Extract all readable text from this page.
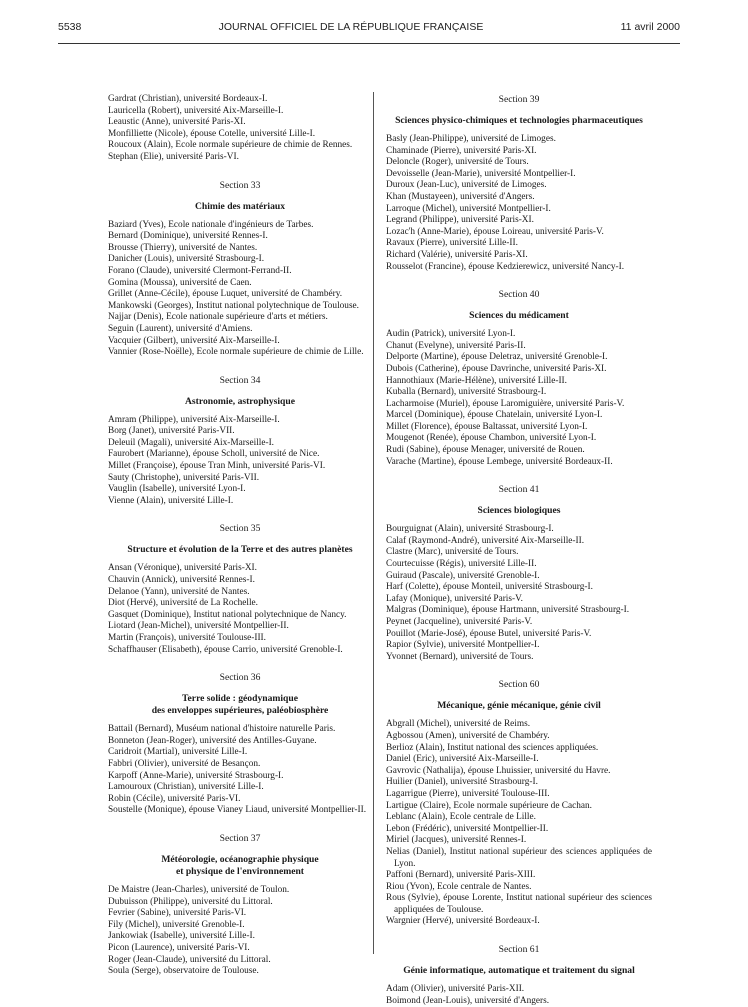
5538	JOURNAL OFFICIEL DE LA RÉPUBLIQUE FRANÇAISE	11 avril 2000
Gardrat (Christian), université Bordeaux-I.
Lauricella (Robert), université Aix-Marseille-I.
Leaustic (Anne), université Paris-XI.
Monfilliette (Nicole), épouse Cotelle, université Lille-I.
Roucoux (Alain), Ecole normale supérieure de chimie de Rennes.
Stephan (Elie), université Paris-VI.
Section 33
Chimie des matériaux
Baziard (Yves), Ecole nationale d'ingénieurs de Tarbes.
Bernard (Dominique), université Rennes-I.
Brousse (Thierry), université de Nantes.
Danicher (Louis), université Strasbourg-I.
Forano (Claude), université Clermont-Ferrand-II.
Gomina (Moussa), université de Caen.
Grillet (Anne-Cécile), épouse Luquet, université de Chambéry.
Mankowski (Georges), Institut national polytechnique de Toulouse.
Najjar (Denis), Ecole nationale supérieure d'arts et métiers.
Seguin (Laurent), université d'Amiens.
Vacquier (Gilbert), université Aix-Marseille-I.
Vannier (Rose-Noëlle), Ecole normale supérieure de chimie de Lille.
Section 34
Astronomie, astrophysique
Amram (Philippe), université Aix-Marseille-I.
Borg (Janet), université Paris-VII.
Deleuil (Magali), université Aix-Marseille-I.
Faurobert (Marianne), épouse Scholl, université de Nice.
Millet (Françoise), épouse Tran Minh, université Paris-VI.
Sauty (Christophe), université Paris-VII.
Vauglin (Isabelle), université Lyon-I.
Vienne (Alain), université Lille-I.
Section 35
Structure et évolution de la Terre et des autres planètes
Ansan (Véronique), université Paris-XI.
Chauvin (Annick), université Rennes-I.
Delanoe (Yann), université de Nantes.
Diot (Hervé), université de La Rochelle.
Gasquet (Dominique), Institut national polytechnique de Nancy.
Liotard (Jean-Michel), université Montpellier-II.
Martin (François), université Toulouse-III.
Schaffhauser (Elisabeth), épouse Carrio, université Grenoble-I.
Section 36
Terre solide : géodynamique
des enveloppes supérieures, paléobiosphère
Battail (Bernard), Muséum national d'histoire naturelle Paris.
Bonneton (Jean-Roger), université des Antilles-Guyane.
Caridroit (Martial), université Lille-I.
Fabbri (Olivier), université de Besançon.
Karpoff (Anne-Marie), université Strasbourg-I.
Lamouroux (Christian), université Lille-I.
Robin (Cécile), université Paris-VI.
Soustelle (Monique), épouse Vianey Liaud, université Montpellier-II.
Section 37
Météorologie, océanographie physique
et physique de l'environnement
De Maistre (Jean-Charles), université de Toulon.
Dubuisson (Philippe), université du Littoral.
Fevrier (Sabine), université Paris-VI.
Fily (Michel), université Grenoble-I.
Jankowiak (Isabelle), université Lille-I.
Picon (Laurence), université Paris-VI.
Roger (Jean-Claude), université du Littoral.
Soula (Serge), observatoire de Toulouse.
Section 39
Sciences physico-chimiques et technologies pharmaceutiques
Basly (Jean-Philippe), université de Limoges.
Chaminade (Pierre), université Paris-XI.
Deloncle (Roger), université de Tours.
Devoisselle (Jean-Marie), université Montpellier-I.
Duroux (Jean-Luc), université de Limoges.
Khan (Mustayeen), université d'Angers.
Larroque (Michel), université Montpellier-I.
Legrand (Philippe), université Paris-XI.
Lozac'h (Anne-Marie), épouse Loireau, université Paris-V.
Ravaux (Pierre), université Lille-II.
Richard (Valérie), université Paris-XI.
Rousselot (Francine), épouse Kedzierewicz, université Nancy-I.
Section 40
Sciences du médicament
Audin (Patrick), université Lyon-I.
Chanut (Evelyne), université Paris-II.
Delporte (Martine), épouse Deletraz, université Grenoble-I.
Dubois (Catherine), épouse Davrinche, université Paris-XI.
Hannothiaux (Marie-Hélène), université Lille-II.
Kuballa (Bernard), université Strasbourg-I.
Lacharmoise (Muriel), épouse Laromiguière, université Paris-V.
Marcel (Dominique), épouse Chatelain, université Lyon-I.
Millet (Florence), épouse Baltassat, université Lyon-I.
Mougenot (Renée), épouse Chambon, université Lyon-I.
Rudi (Sabine), épouse Menager, université de Rouen.
Varache (Martine), épouse Lembege, université Bordeaux-II.
Section 41
Sciences biologiques
Bourguignat (Alain), université Strasbourg-I.
Calaf (Raymond-André), université Aix-Marseille-II.
Clastre (Marc), université de Tours.
Courtecuisse (Régis), université Lille-II.
Guiraud (Pascale), université Grenoble-I.
Harf (Colette), épouse Monteil, université Strasbourg-I.
Lafay (Monique), université Paris-V.
Malgras (Dominique), épouse Hartmann, université Strasbourg-I.
Peynet (Jacqueline), université Paris-V.
Pouillot (Marie-José), épouse Butel, université Paris-V.
Rapior (Sylvie), université Montpellier-I.
Yvonnet (Bernard), université de Tours.
Section 60
Mécanique, génie mécanique, génie civil
Abgrall (Michel), université de Reims.
Agbossou (Amen), université de Chambéry.
Berlioz (Alain), Institut national des sciences appliquées.
Daniel (Eric), université Aix-Marseille-I.
Gavrovic (Nathalija), épouse Lhuissier, université du Havre.
Huilier (Daniel), université Strasbourg-I.
Lagarrigue (Pierre), université Toulouse-III.
Lartigue (Claire), Ecole normale supérieure de Cachan.
Leblanc (Alain), Ecole centrale de Lille.
Lebon (Frédéric), université Montpellier-II.
Miriel (Jacques), université Rennes-I.
Nelias (Daniel), Institut national supérieur des sciences appliquées de Lyon.
Paffoni (Bernard), université Paris-XIII.
Riou (Yvon), Ecole centrale de Nantes.
Rous (Sylvie), épouse Lorente, Institut national supérieur des sciences appliquées de Toulouse.
Wargnier (Hervé), université Bordeaux-I.
Section 61
Génie informatique, automatique et traitement du signal
Adam (Olivier), université Paris-XII.
Boimond (Jean-Louis), université d'Angers.
